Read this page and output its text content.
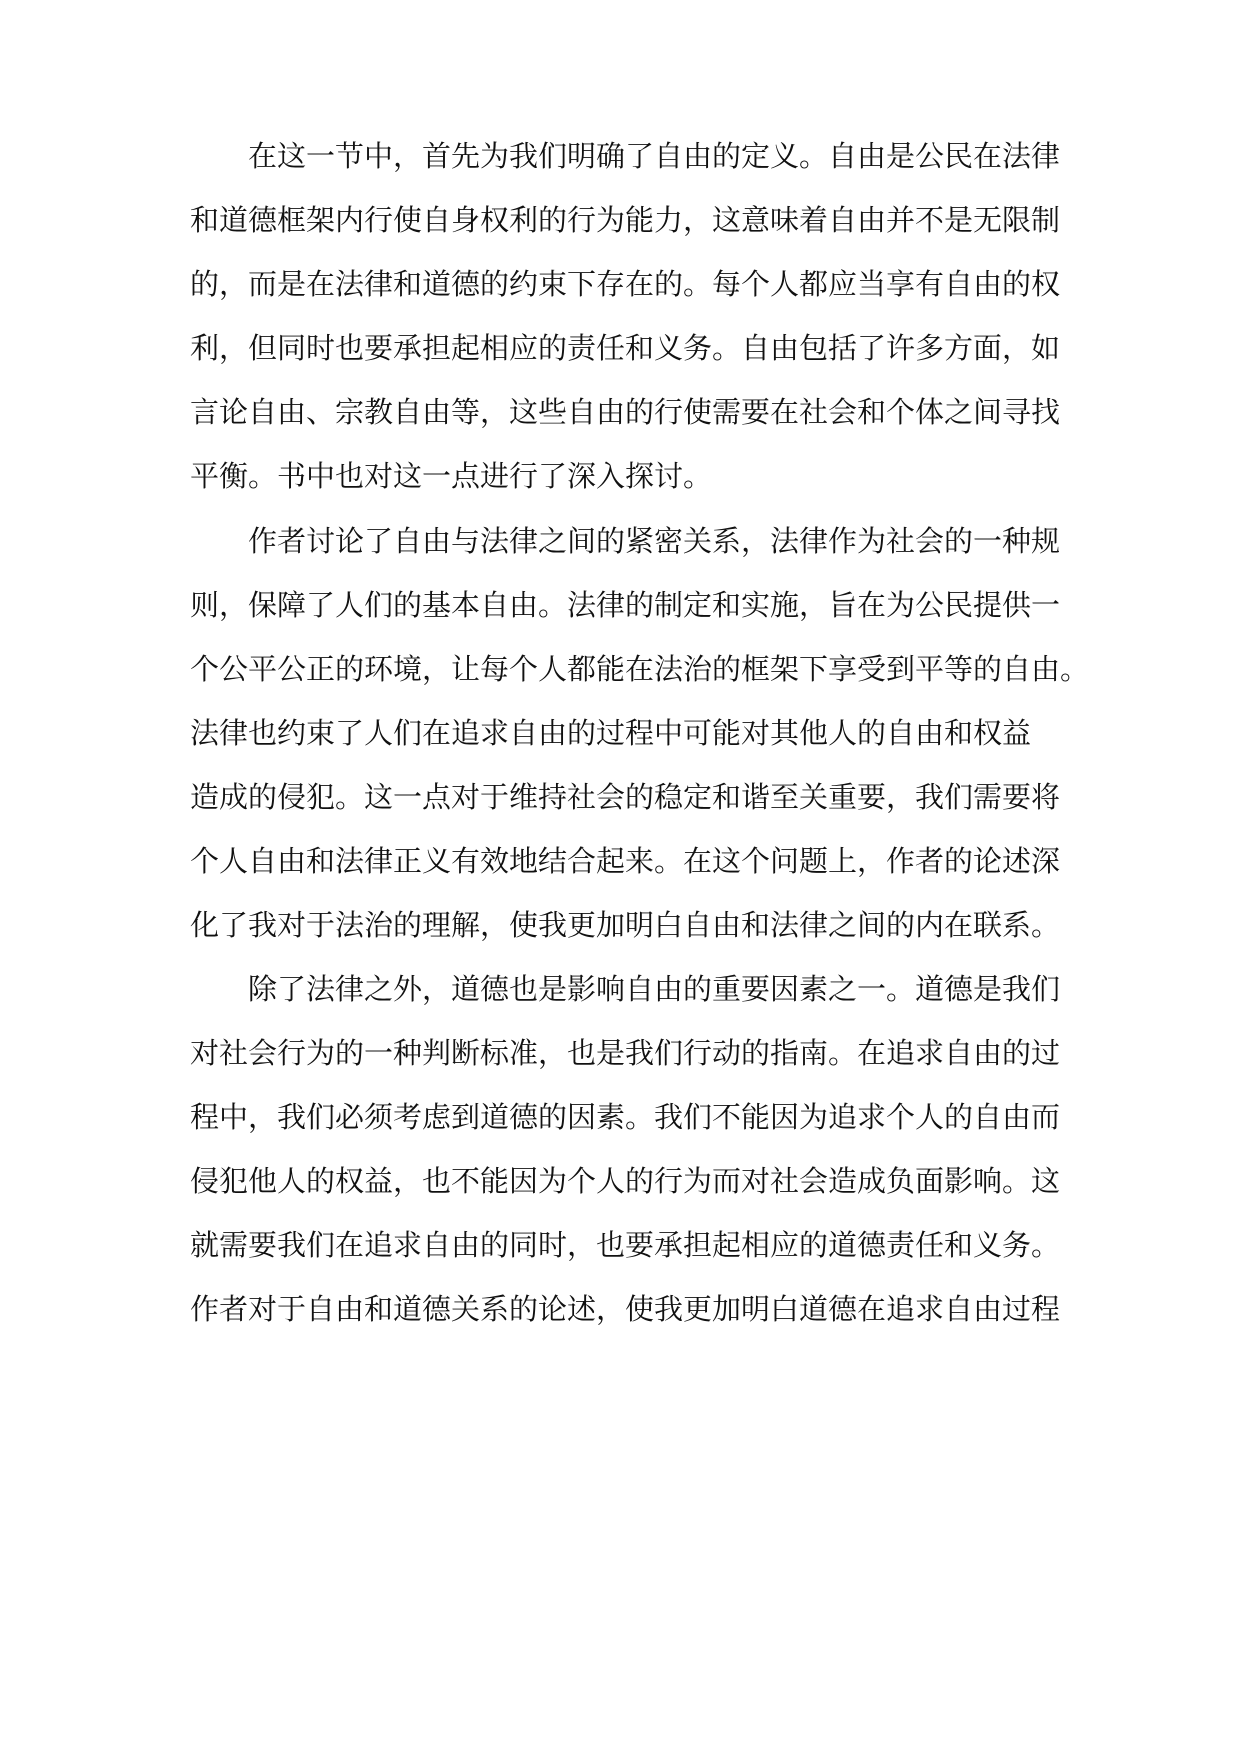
在这一节中，首先为我们明确了自由的定义。自由是公民在法律
和道德框架内行使自身权利的行为能力，这意味着自由并不是无限制
的，而是在法律和道德的约束下存在的。每个人都应当享有自由的权
利，但同时也要承担起相应的责任和义务。自由包括了许多方面，如
言论自由、宗教自由等，这些自由的行使需要在社会和个体之间寻找
平衡。书中也对这一点进行了深入探讨。
作者讨论了自由与法律之间的紧密关系，法律作为社会的一种规
则，保障了人们的基本自由。法律的制定和实施，旨在为公民提供一
个公平公正的环境，让每个人都能在法治的框架下享受到平等的自由。
法律也约束了人们在追求自由的过程中可能对其他人的自由和权益
造成的侵犯。这一点对于维持社会的稳定和谐至关重要，我们需要将
个人自由和法律正义有效地结合起来。在这个问题上，作者的论述深
化了我对于法治的理解，使我更加明白自由和法律之间的内在联系。
除了法律之外，道德也是影响自由的重要因素之一。道德是我们
对社会行为的一种判断标准，也是我们行动的指南。在追求自由的过
程中，我们必须考虑到道德的因素。我们不能因为追求个人的自由而
侵犯他人的权益，也不能因为个人的行为而对社会造成负面影响。这
就需要我们在追求自由的同时，也要承担起相应的道德责任和义务。
作者对于自由和道德关系的论述，使我更加明白道德在追求自由过程
